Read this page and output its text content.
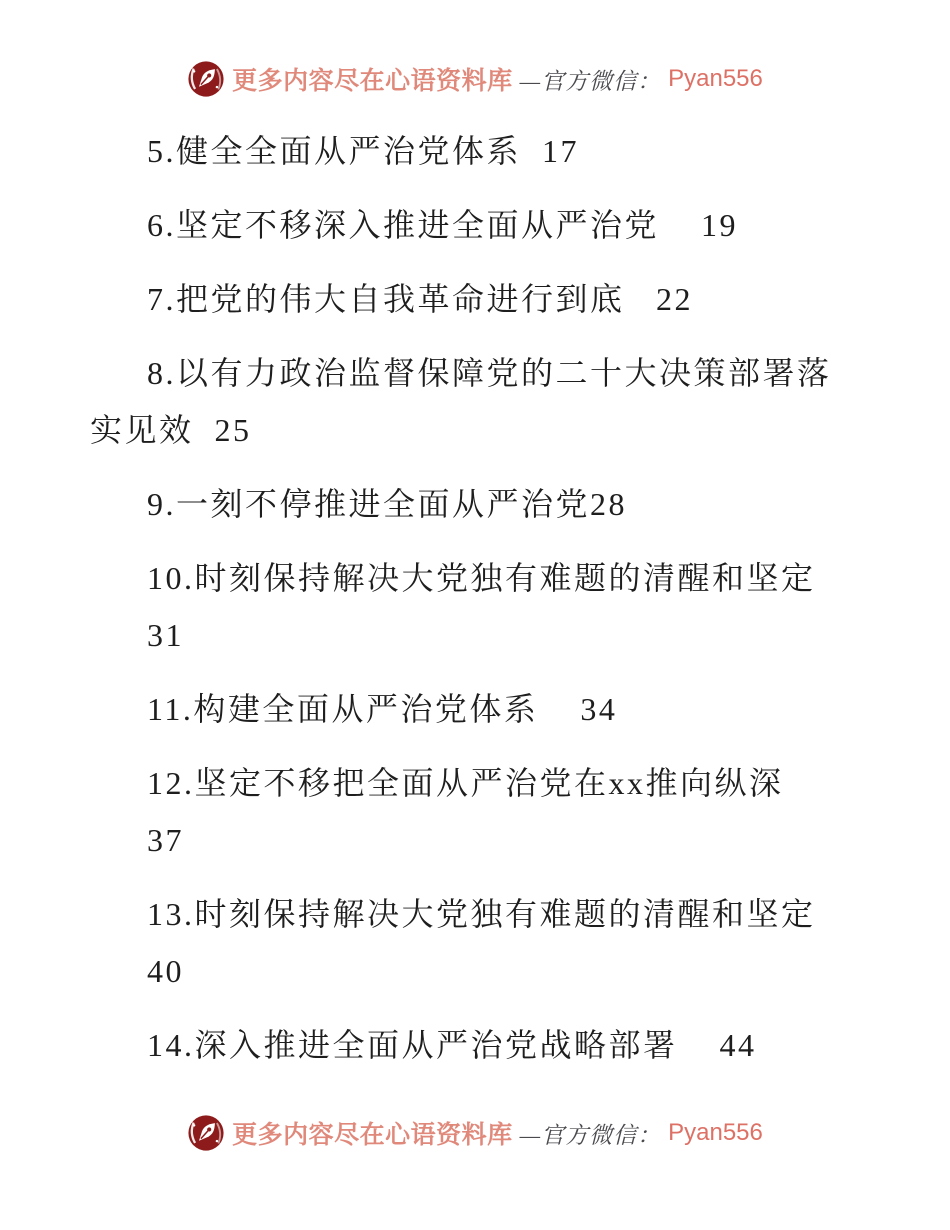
更多内容尽在心语资料库 —官方微信： Pyan556

5.健全全面从严治党体系  17

6.坚定不移深入推进全面从严治党    19

7.把党的伟大自我革命进行到底   22

8.以有力政治监督保障党的二十大决策部署落
实见效  25

9.一刻不停推进全面从严治党28

10.时刻保持解决大党独有难题的清醒和坚定
31

11.构建全面从严治党体系    34

12.坚定不移把全面从严治党在xx推向纵深
37

13.时刻保持解决大党独有难题的清醒和坚定
40

14.深入推进全面从严治党战略部署    44

更多内容尽在心语资料库 —官方微信： Pyan556
